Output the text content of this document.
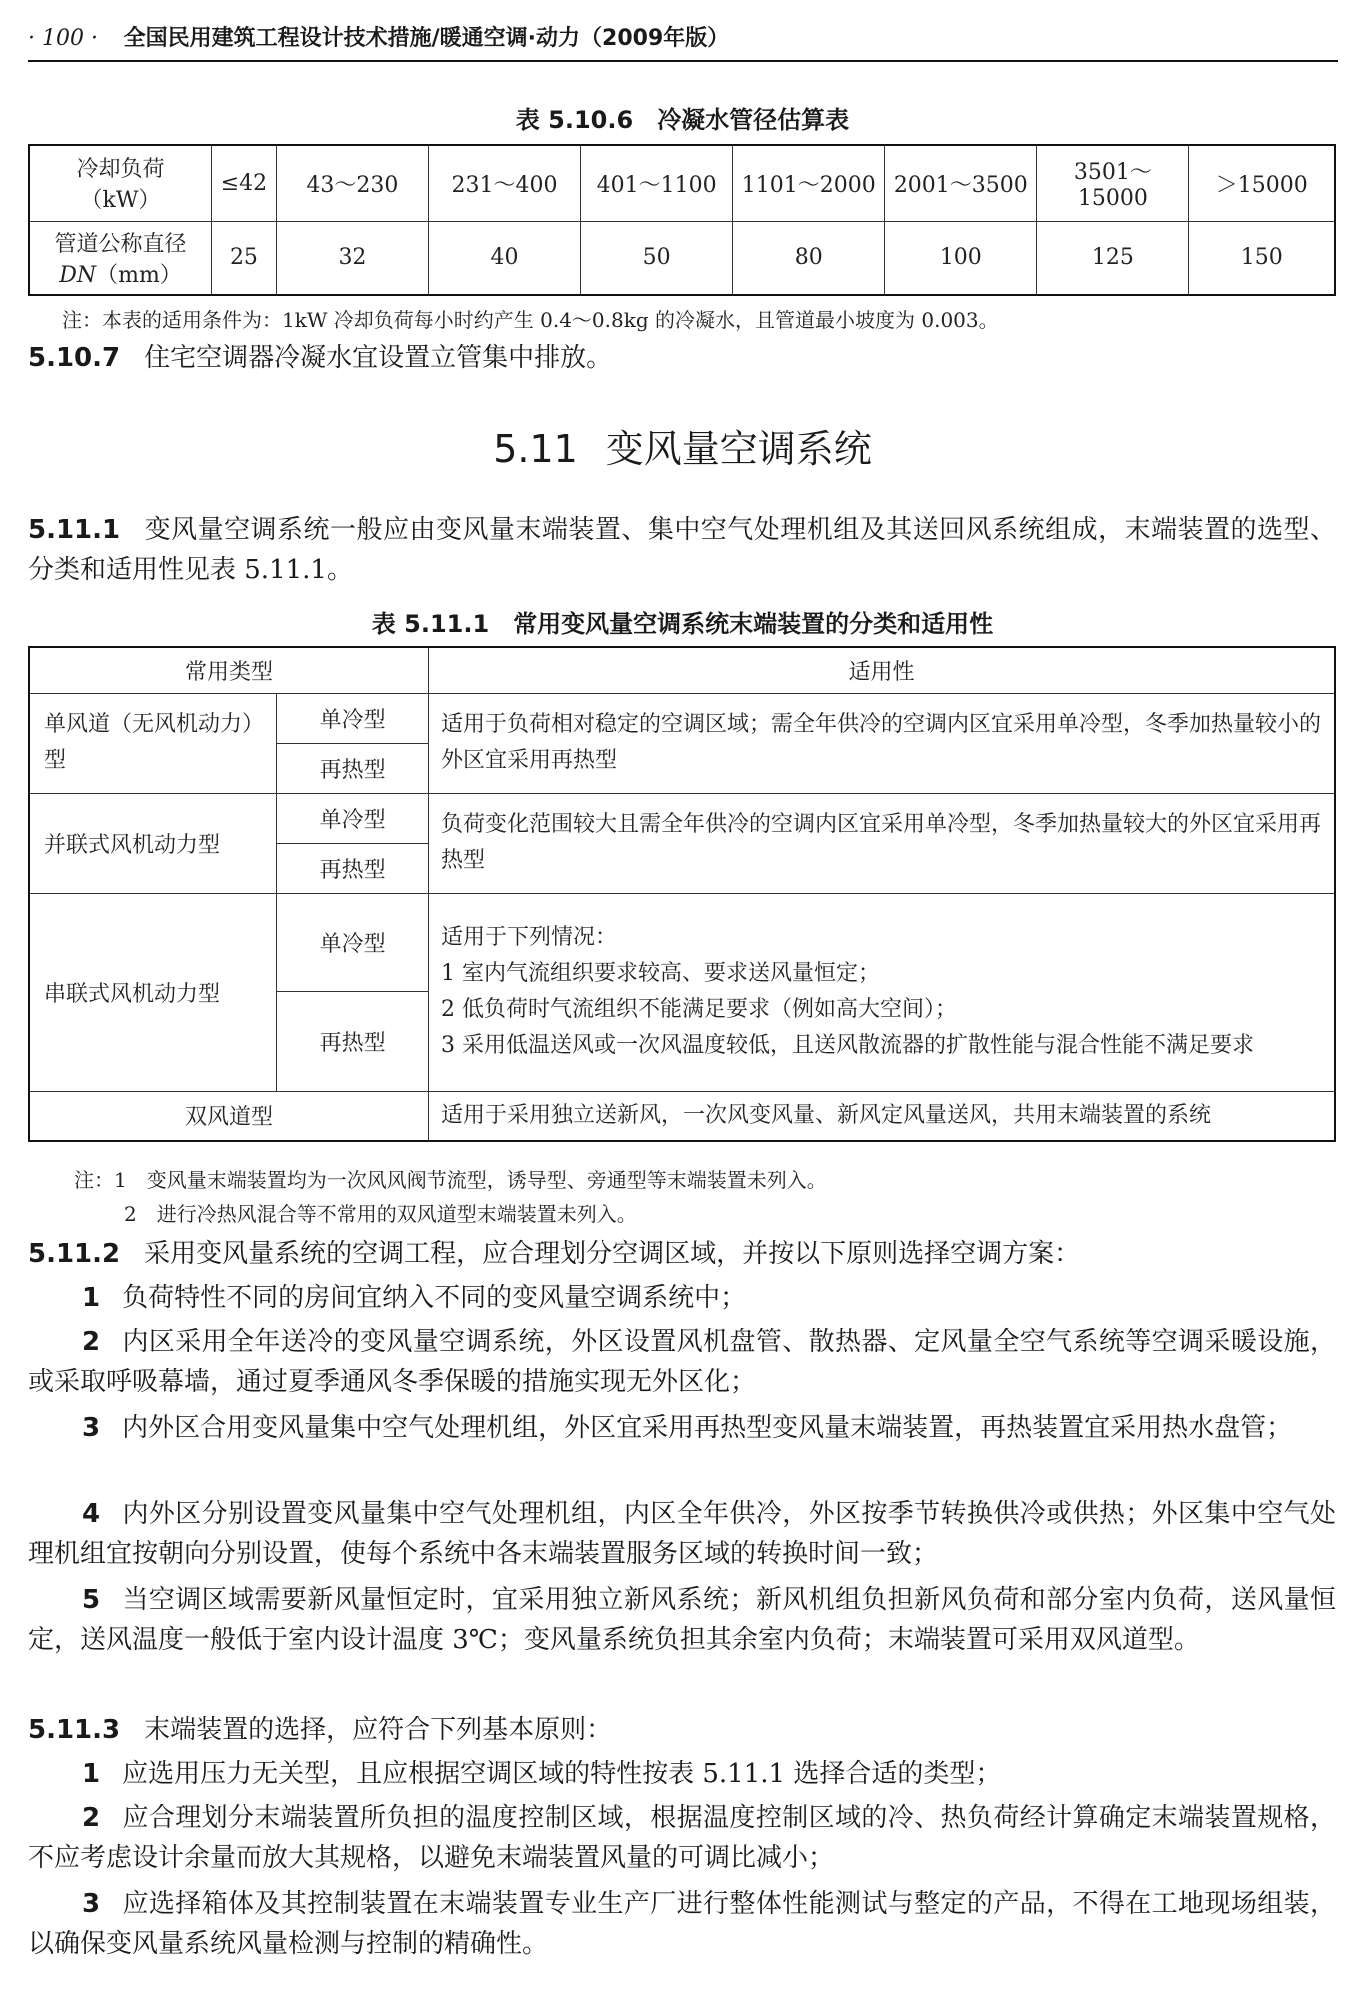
· 100 · 全国民用建筑工程设计技术措施/暖通空调·动力（2009年版）
表 5.10.6 冷凝水管径估算表
冷却负荷
（kW）	≤42	43～230	231～400	401～1100	1101～2000	2001～3500	3501～15000	＞15000

管道公称直径
DN（mm）	25	32	40	50	80	100	125	150
注：本表的适用条件为：1kW 冷却负荷每小时约产生 0.4～0.8kg 的冷凝水，且管道最小坡度为 0.003。
5.10.7 住宅空调器冷凝水宜设置立管集中排放。
5.11 变风量空调系统
5.11.1 变风量空调系统一般应由变风量末端装置、集中空气处理机组及其送回风系统组成，末端装置的选型、分类和适用性见表 5.11.1。
表 5.11.1 常用变风量空调系统末端装置的分类和适用性
常用类型		适用性
单风道（无风机动力）型	单冷型	适用于负荷相对稳定的空调区域；需全年供冷的空调内区宜采用单冷型，冬季加热量较小的外区宜采用再热型
	再热型	
并联式风机动力型	单冷型	负荷变化范围较大且需全年供冷的空调内区宜采用单冷型，冬季加热量较大的外区宜采用再热型
	再热型	
串联式风机动力型	单冷型	适用于下列情况：
1 室内气流组织要求较高、要求送风量恒定；
2 低负荷时气流组织不能满足要求（例如高大空间）；
3 采用低温送风或一次风温度较低，且送风散流器的扩散性能与混合性能不满足要求

	再热型	
双风道型		适用于采用独立送新风，一次风变风量、新风定风量送风，共用末端装置的系统
注：1　变风量末端装置均为一次风风阀节流型，诱导型、旁通型等末端装置未列入。
2　进行冷热风混合等不常用的双风道型末端装置未列入。
5.11.2 采用变风量系统的空调工程，应合理划分空调区域，并按以下原则选择空调方案：
1 负荷特性不同的房间宜纳入不同的变风量空调系统中；
2 内区采用全年送冷的变风量空调系统，外区设置风机盘管、散热器、定风量全空气系统等空调采暖设施，或采取呼吸幕墙，通过夏季通风冬季保暖的措施实现无外区化；
3 内外区合用变风量集中空气处理机组，外区宜采用再热型变风量末端装置，再热装置宜采用热水盘管；
4 内外区分别设置变风量集中空气处理机组，内区全年供冷，外区按季节转换供冷或供热；外区集中空气处理机组宜按朝向分别设置，使每个系统中各末端装置服务区域的转换时间一致；
5 当空调区域需要新风量恒定时，宜采用独立新风系统；新风机组负担新风负荷和部分室内负荷，送风量恒定，送风温度一般低于室内设计温度 3℃；变风量系统负担其余室内负荷；末端装置可采用双风道型。
5.11.3 末端装置的选择，应符合下列基本原则：
1 应选用压力无关型，且应根据空调区域的特性按表 5.11.1 选择合适的类型；
2 应合理划分末端装置所负担的温度控制区域，根据温度控制区域的冷、热负荷经计算确定末端装置规格，不应考虑设计余量而放大其规格，以避免末端装置风量的可调比减小；
3 应选择箱体及其控制装置在末端装置专业生产厂进行整体性能测试与整定的产品，不得在工地现场组装，以确保变风量系统风量检测与控制的精确性。
